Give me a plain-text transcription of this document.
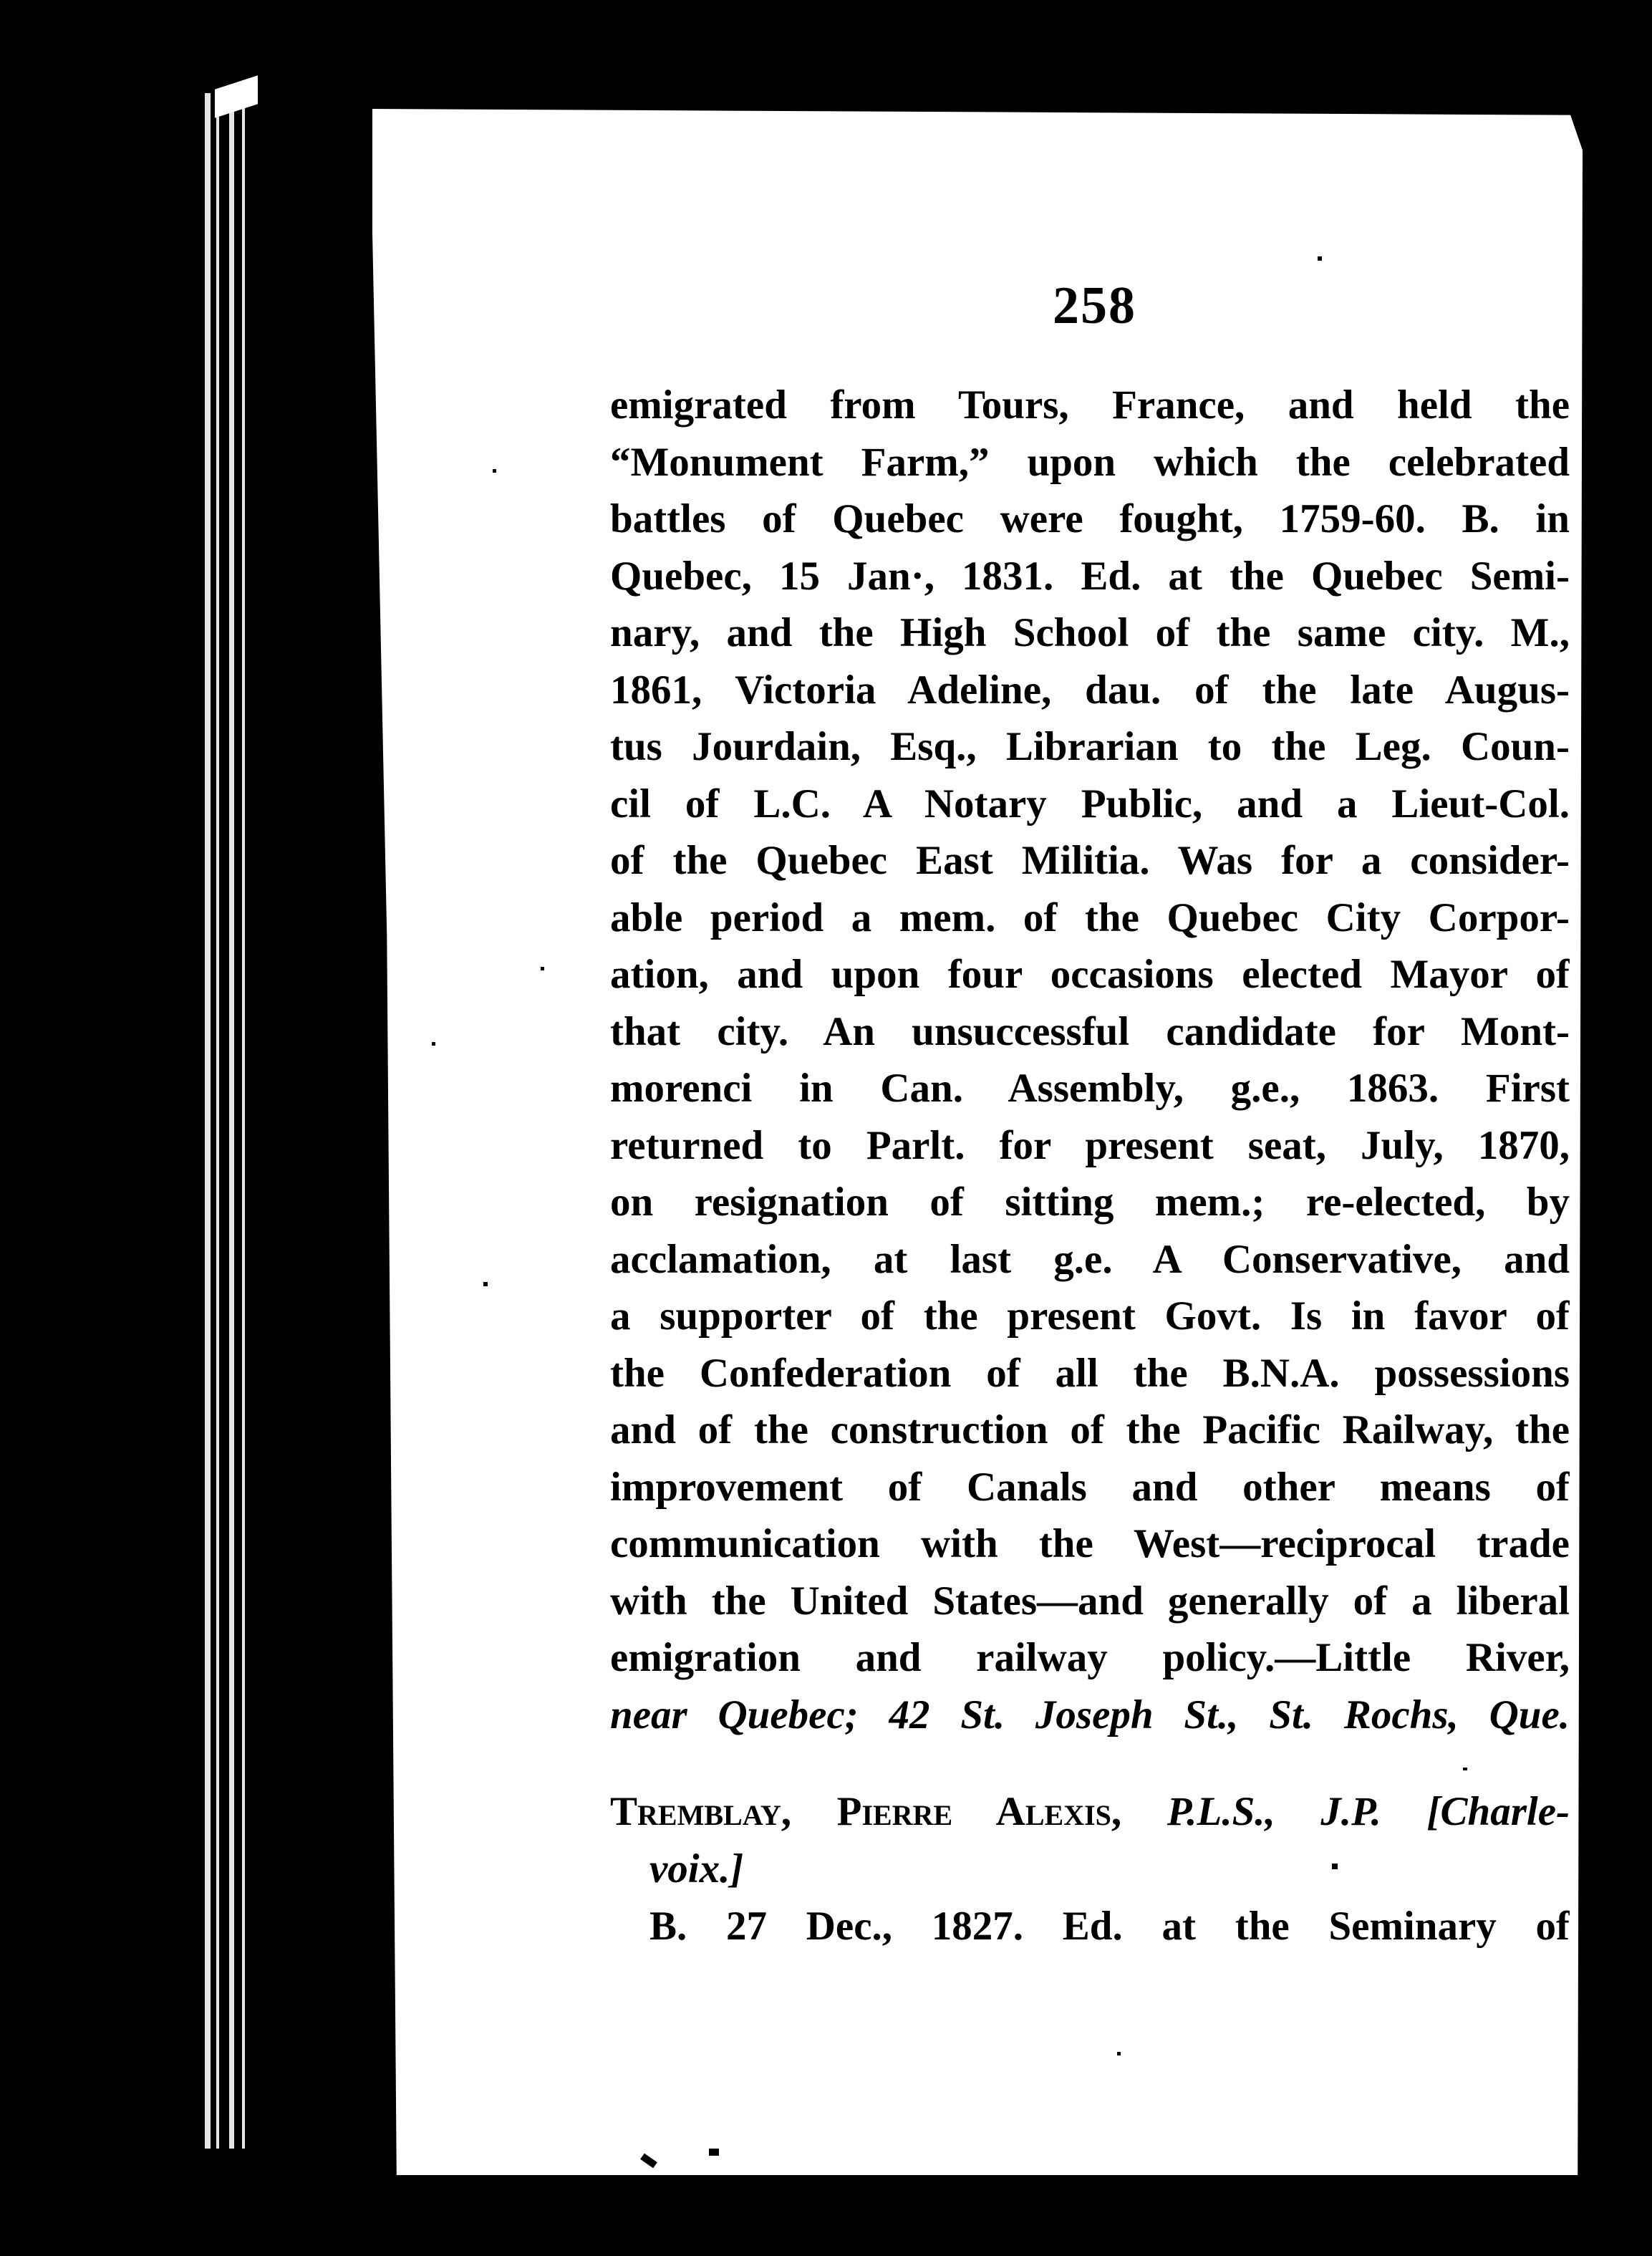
258
emigrated from Tours, France, and held the
“Monument Farm,” upon which the celebrated
battles of Quebec were fought, 1759-60. B. in
Quebec, 15 Jan·, 1831. Ed. at the Quebec Semi-
nary, and the High School of the same city. M.,
1861, Victoria Adeline, dau. of the late Augus-
tus Jourdain, Esq., Librarian to the Leg. Coun-
cil of L.C. A Notary Public, and a Lieut-Col.
of the Quebec East Militia. Was for a consider-
able period a mem. of the Quebec City Corpor-
ation, and upon four occasions elected Mayor of
that city. An unsuccessful candidate for Mont-
morenci in Can. Assembly, g.e., 1863. First
returned to Parlt. for present seat, July, 1870,
on resignation of sitting mem.; re-elected, by
acclamation, at last g.e. A Conservative, and
a supporter of the present Govt. Is in favor of
the Confederation of all the B.N.A. possessions
and of the construction of the Pacific Railway, the
improvement of Canals and other means of
communication with the West—reciprocal trade
with the United States—and generally of a liberal
emigration and railway policy.—Little River,
near Quebec; 42 St. Joseph St., St. Rochs, Que.
Tremblay, Pierre Alexis, P.L.S., J.P. [Charle-
voix.]
B. 27 Dec., 1827. Ed. at the Seminary of
